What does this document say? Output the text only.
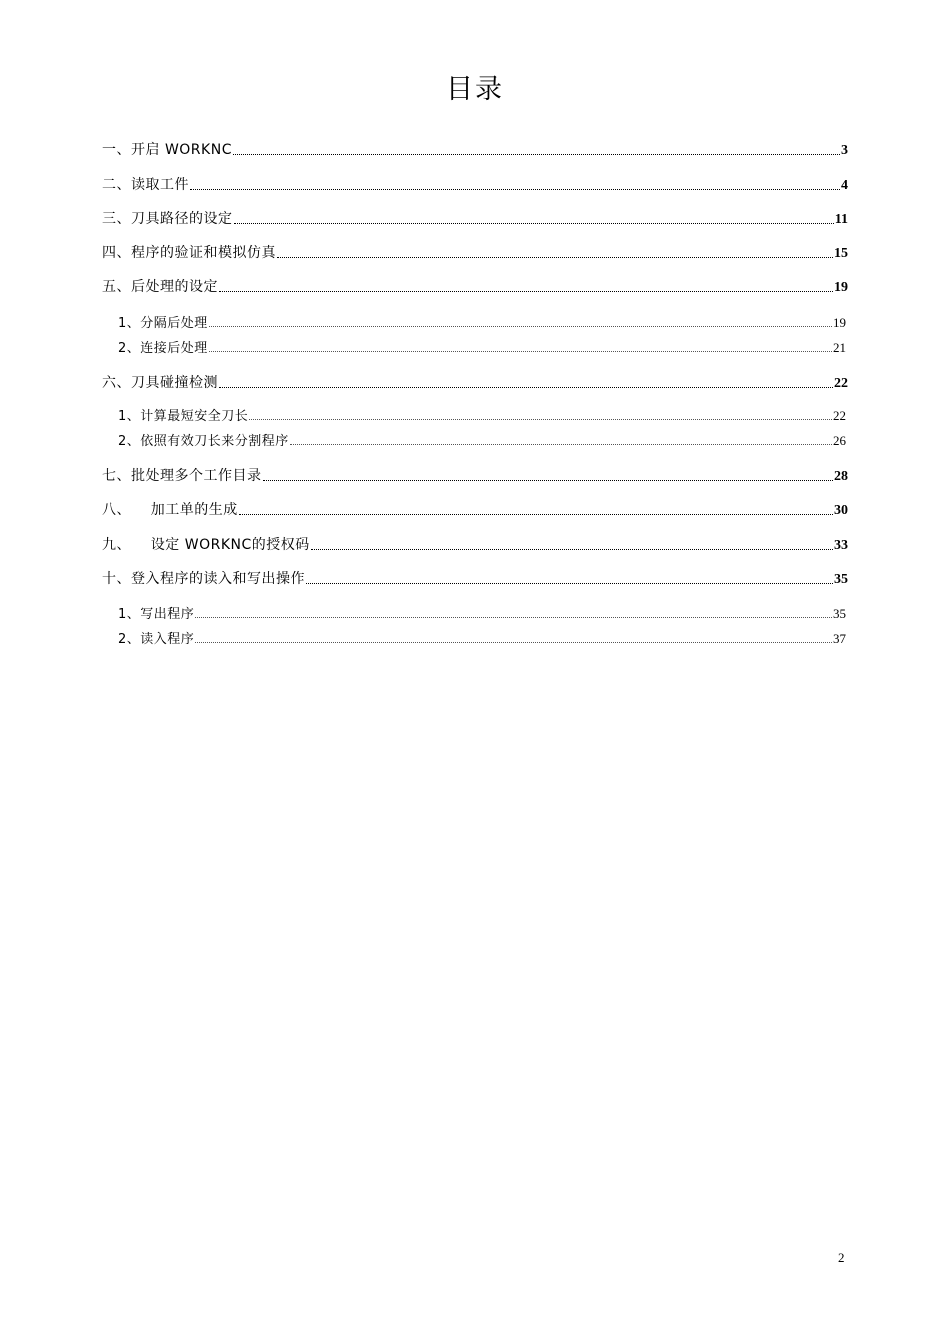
目录
一、开启 WORKNC	3
二、读取工件	4
三、刀具路径的设定	11
四、程序的验证和模拟仿真	15
五、后处理的设定	19
1、分隔后处理	19
2、连接后处理	21
六、刀具碰撞检测	22
1、计算最短安全刀长	22
2、依照有效刀长来分割程序	26
七、批处理多个工作目录	28
八、    加工单的生成	30
九、    设定 WORKNC的授权码	33
十、登入程序的读入和写出操作	35
1、写出程序	35
2、读入程序	37
2
